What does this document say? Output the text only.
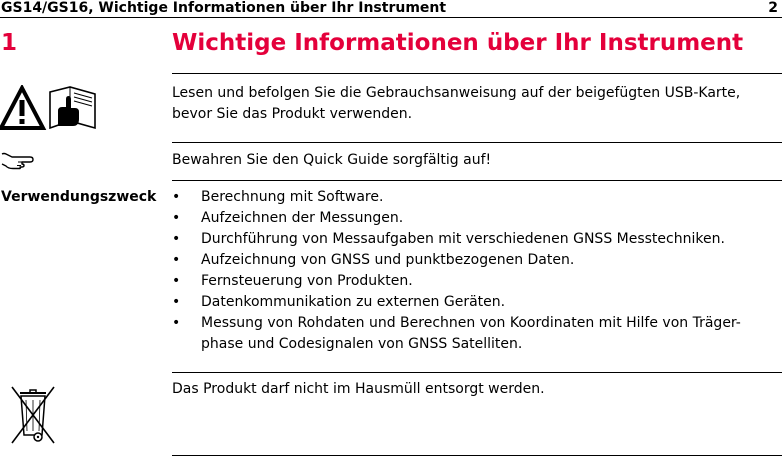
GS14/GS16, Wichtige Informationen über Ihr Instrument	2
1	Wichtige Informationen über Ihr Instrument
Lesen und befolgen Sie die Gebrauchsanweisung auf der beigefügten USB-Karte, bevor Sie das Produkt verwenden.
Bewahren Sie den Quick Guide sorgfältig auf!
Verwendungszweck • Berechnung mit Software.
• Aufzeichnen der Messungen.
• Durchführung von Messaufgaben mit verschiedenen GNSS Messtechniken.
• Aufzeichnung von GNSS und punktbezogenen Daten.
• Fernsteuerung von Produkten.
• Datenkommunikation zu externen Geräten.
• Messung von Rohdaten und Berechnen von Koordinaten mit Hilfe von Träger-phase und Codesignalen von GNSS Satelliten.
Das Produkt darf nicht im Hausmüll entsorgt werden.
